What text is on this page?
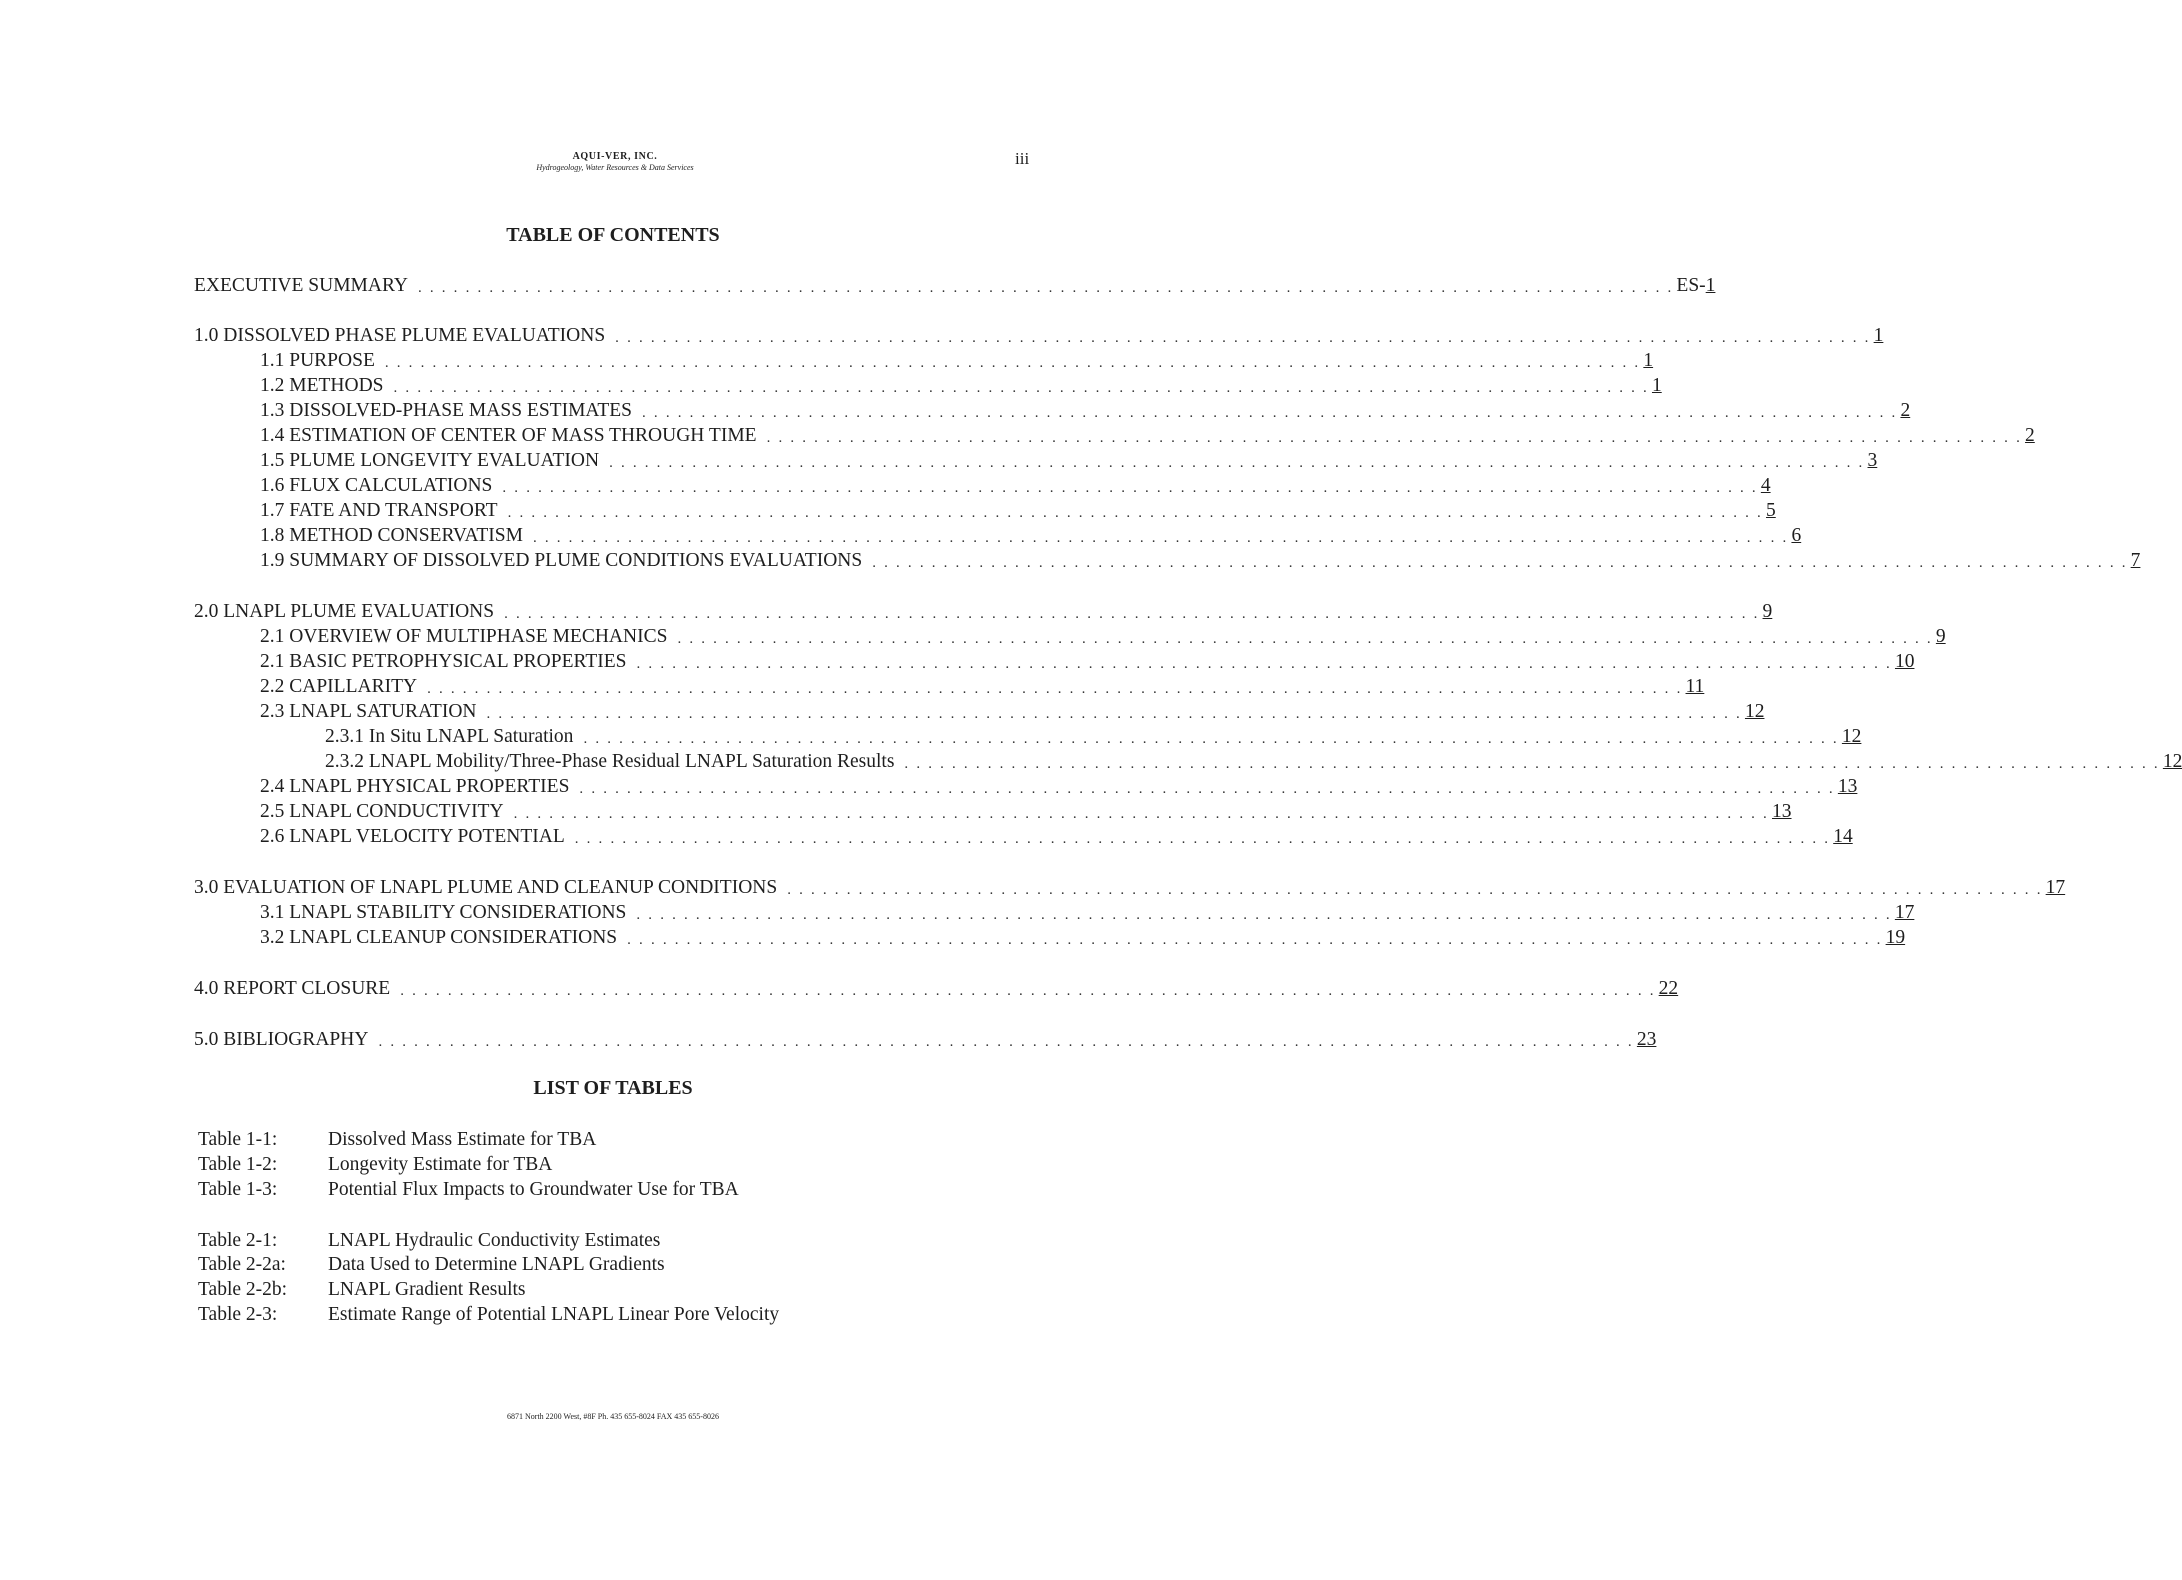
AQUI-VER, INC.
Hydrogeology, Water Resources & Data Services	iii
TABLE OF CONTENTS
EXECUTIVE SUMMARY . . . . . . . . . . . . . . . . . . . . . . . . . . . . . . . . . . . . . . . . . . . . . . . . . . . . . . . . . . . . . . . . . . . . . . . . . . . . . . . . . . . . . . . . . . . . . . . . . . . . . . . . . . ES- 1
1.0 DISSOLVED PHASE PLUME EVALUATIONS . . . . . . . . . . . . . . . . . . . . . . . . . . . . . . . . . . . . . . . . . . . . . . . . . . . . . . . . . . . . . . . . . . . . . . . . . . . . . . . . . . . . . . . . . . . . . . . . . . . . . . . . . . 1
1.1 PURPOSE . . . . . . . . . . . . . . . . . . . . . . . . . . . . . . . . . . . . . . . . . . . . . . . . . . . . . . . . . . . . . . . . . . . . . . . . . . . . . . . . . . . . . . . . . . . . . . . . . . . . . . . . . . 1
1.2 METHODS . . . . . . . . . . . . . . . . . . . . . . . . . . . . . . . . . . . . . . . . . . . . . . . . . . . . . . . . . . . . . . . . . . . . . . . . . . . . . . . . . . . . . . . . . . . . . . . . . . . . . . . . . . 1
1.3 DISSOLVED-PHASE MASS ESTIMATES . . . . . . . . . . . . . . . . . . . . . . . . . . . . . . . . . . . . . . . . . . . . . . . . . . . . . . . . . . . . . . . . . . . . . . . . . . . . . . . . . . . . . . . . . . . . . . . . . . . . . . . . . . 2
1.4 ESTIMATION OF CENTER OF MASS THROUGH TIME . . . . . . . . . . . . . . . . . . . . . . . . . . . . . . . . . . . . . . . . . . . . . . . . . . . . . . . . . . . . . . . . . . . . . . . . . . . . . . . . . . . . . . . . . . . . . . . . . . . . . . . . . . 2
1.5 PLUME LONGEVITY EVALUATION . . . . . . . . . . . . . . . . . . . . . . . . . . . . . . . . . . . . . . . . . . . . . . . . . . . . . . . . . . . . . . . . . . . . . . . . . . . . . . . . . . . . . . . . . . . . . . . . . . . . . . . . . . 3
1.6 FLUX CALCULATIONS . . . . . . . . . . . . . . . . . . . . . . . . . . . . . . . . . . . . . . . . . . . . . . . . . . . . . . . . . . . . . . . . . . . . . . . . . . . . . . . . . . . . . . . . . . . . . . . . . . . . . . . . . . 4
1.7 FATE AND TRANSPORT . . . . . . . . . . . . . . . . . . . . . . . . . . . . . . . . . . . . . . . . . . . . . . . . . . . . . . . . . . . . . . . . . . . . . . . . . . . . . . . . . . . . . . . . . . . . . . . . . . . . . . . . . . 5
1.8 METHOD CONSERVATISM . . . . . . . . . . . . . . . . . . . . . . . . . . . . . . . . . . . . . . . . . . . . . . . . . . . . . . . . . . . . . . . . . . . . . . . . . . . . . . . . . . . . . . . . . . . . . . . . . . . . . . . . . . 6
1.9 SUMMARY OF DISSOLVED PLUME CONDITIONS EVALUATIONS . . . . . . . . . . . . . . . . . . . . . . . . . . . . . . . . . . . . . . . . . . . . . . . . . . . . . . . . . . . . . . . . . . . . . . . . . . . . . . . . . . . . . . . . . . . . . . . . . . . . . . . . . . 7
2.0 LNAPL PLUME EVALUATIONS . . . . . . . . . . . . . . . . . . . . . . . . . . . . . . . . . . . . . . . . . . . . . . . . . . . . . . . . . . . . . . . . . . . . . . . . . . . . . . . . . . . . . . . . . . . . . . . . . . . . . . . . . . 9
2.1 OVERVIEW OF MULTIPHASE MECHANICS . . . . . . . . . . . . . . . . . . . . . . . . . . . . . . . . . . . . . . . . . . . . . . . . . . . . . . . . . . . . . . . . . . . . . . . . . . . . . . . . . . . . . . . . . . . . . . . . . . . . . . . . . . 9
2.1 BASIC PETROPHYSICAL PROPERTIES . . . . . . . . . . . . . . . . . . . . . . . . . . . . . . . . . . . . . . . . . . . . . . . . . . . . . . . . . . . . . . . . . . . . . . . . . . . . . . . . . . . . . . . . . . . . . . . . . . . . . . . . . . 10
2.2 CAPILLARITY . . . . . . . . . . . . . . . . . . . . . . . . . . . . . . . . . . . . . . . . . . . . . . . . . . . . . . . . . . . . . . . . . . . . . . . . . . . . . . . . . . . . . . . . . . . . . . . . . . . . . . . . . . 11
2.3 LNAPL SATURATION . . . . . . . . . . . . . . . . . . . . . . . . . . . . . . . . . . . . . . . . . . . . . . . . . . . . . . . . . . . . . . . . . . . . . . . . . . . . . . . . . . . . . . . . . . . . . . . . . . . . . . . . . . 12
2.3.1 In Situ LNAPL Saturation . . . . . . . . . . . . . . . . . . . . . . . . . . . . . . . . . . . . . . . . . . . . . . . . . . . . . . . . . . . . . . . . . . . . . . . . . . . . . . . . . . . . . . . . . . . . . . . . . . . . . . . . . . 12
2.3.2 LNAPL Mobility/Three-Phase Residual LNAPL Saturation Results . . . . . . . . . . . . . . . . . . . . . . . . . . . . . . . . . . . . . . . . . . . . . . . . . . . . . . . . . . . . . . . . . . . . . . . . . . . . . . . . . . . . . . . . . . . . . . . . . . . . . . . . . . 12
2.4 LNAPL PHYSICAL PROPERTIES . . . . . . . . . . . . . . . . . . . . . . . . . . . . . . . . . . . . . . . . . . . . . . . . . . . . . . . . . . . . . . . . . . . . . . . . . . . . . . . . . . . . . . . . . . . . . . . . . . . . . . . . . . 13
2.5 LNAPL CONDUCTIVITY . . . . . . . . . . . . . . . . . . . . . . . . . . . . . . . . . . . . . . . . . . . . . . . . . . . . . . . . . . . . . . . . . . . . . . . . . . . . . . . . . . . . . . . . . . . . . . . . . . . . . . . . . . 13
2.6 LNAPL VELOCITY POTENTIAL . . . . . . . . . . . . . . . . . . . . . . . . . . . . . . . . . . . . . . . . . . . . . . . . . . . . . . . . . . . . . . . . . . . . . . . . . . . . . . . . . . . . . . . . . . . . . . . . . . . . . . . . . . 14
3.0 EVALUATION OF LNAPL PLUME AND CLEANUP CONDITIONS . . . . . . . . . . . . . . . . . . . . . . . . . . . . . . . . . . . . . . . . . . . . . . . . . . . . . . . . . . . . . . . . . . . . . . . . . . . . . . . . . . . . . . . . . . . . . . . . . . . . . . . . . . 17
3.1 LNAPL STABILITY CONSIDERATIONS . . . . . . . . . . . . . . . . . . . . . . . . . . . . . . . . . . . . . . . . . . . . . . . . . . . . . . . . . . . . . . . . . . . . . . . . . . . . . . . . . . . . . . . . . . . . . . . . . . . . . . . . . . 17
3.2 LNAPL CLEANUP CONSIDERATIONS . . . . . . . . . . . . . . . . . . . . . . . . . . . . . . . . . . . . . . . . . . . . . . . . . . . . . . . . . . . . . . . . . . . . . . . . . . . . . . . . . . . . . . . . . . . . . . . . . . . . . . . . . . 19
4.0 REPORT CLOSURE . . . . . . . . . . . . . . . . . . . . . . . . . . . . . . . . . . . . . . . . . . . . . . . . . . . . . . . . . . . . . . . . . . . . . . . . . . . . . . . . . . . . . . . . . . . . . . . . . . . . . . . . . . 22
5.0 BIBLIOGRAPHY . . . . . . . . . . . . . . . . . . . . . . . . . . . . . . . . . . . . . . . . . . . . . . . . . . . . . . . . . . . . . . . . . . . . . . . . . . . . . . . . . . . . . . . . . . . . . . . . . . . . . . . . . . 23
LIST OF TABLES
Table 1-1:	Dissolved Mass Estimate for TBA
Table 1-2:	Longevity Estimate for TBA
Table 1-3:	Potential Flux Impacts to Groundwater Use for TBA
Table 2-1:	LNAPL Hydraulic Conductivity Estimates
Table 2-2a: Data Used to Determine LNAPL Gradients
Table 2-2b: LNAPL Gradient Results
Table 2-3:	Estimate Range of Potential LNAPL Linear Pore Velocity
6871 North 2200 West, #8F Ph. 435 655-8024 FAX 435 655-8026
